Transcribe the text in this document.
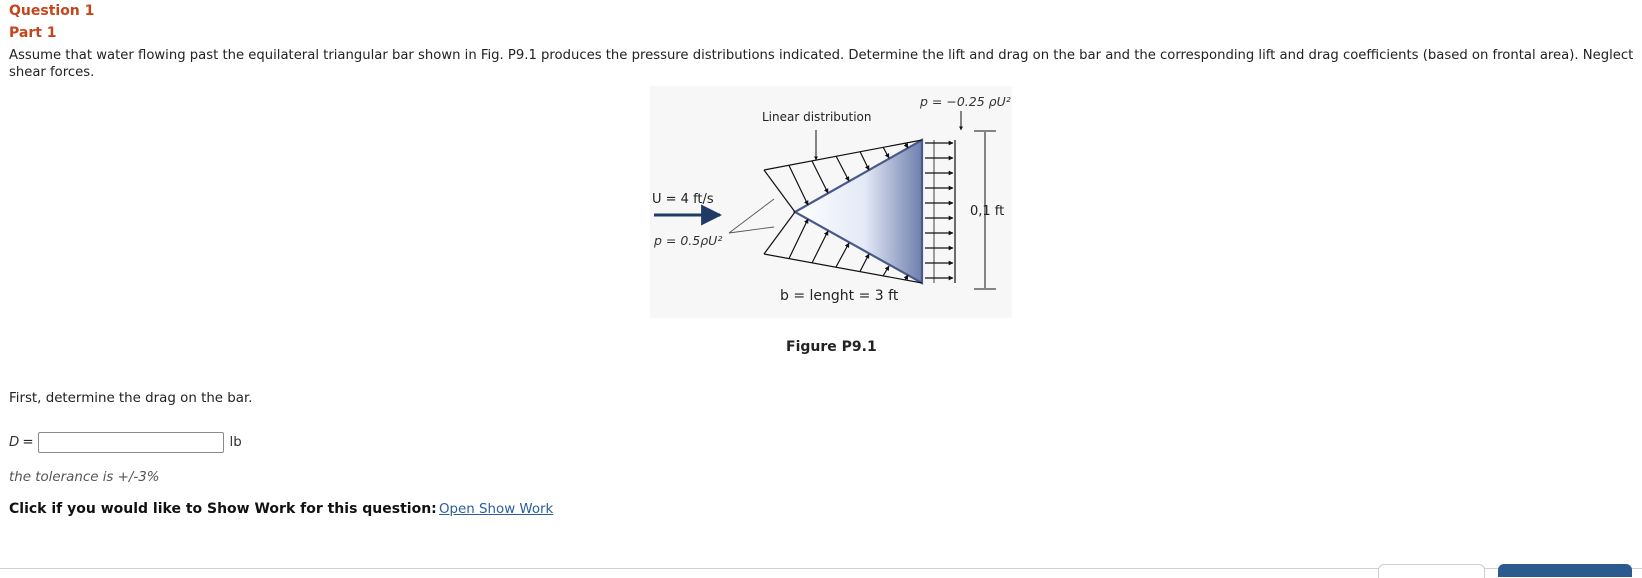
Question 1
Part 1
Assume that water flowing past the equilateral triangular bar shown in Fig. P9.1 produces the pressure distributions indicated. Determine the lift and drag on the bar and the corresponding lift and drag coefficients (based on frontal area). Neglect shear forces.
Linear distribution
p = −0.25 ρU²
0,1 ft
U = 4 ft/s
p = 0.5ρU²
b = lenght = 3 ft
Figure P9.1
First, determine the drag on the bar.
D =	lb
the tolerance is +/-3%
Click if you would like to Show Work for this question: Open Show Work
